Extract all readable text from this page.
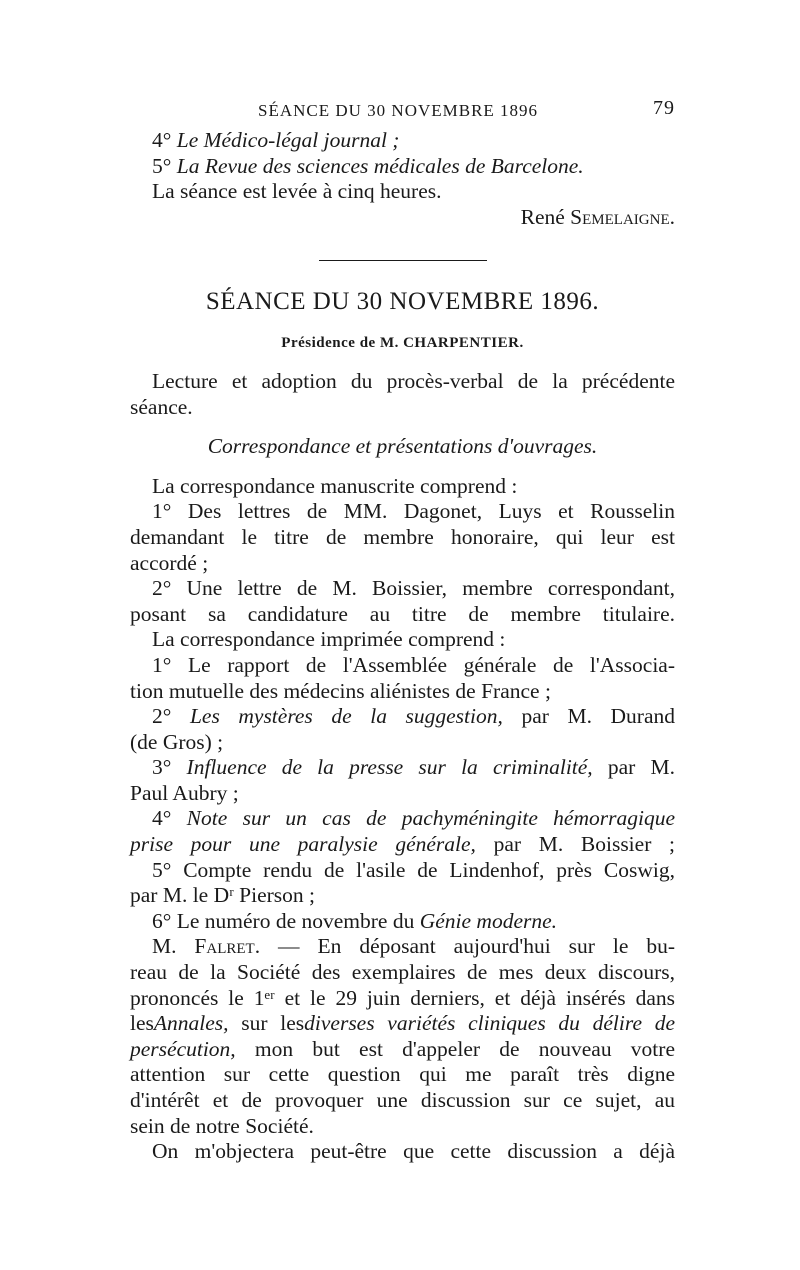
SÉANCE DU 30 NOVEMBRE 1896	79

4° Le Médico-légal journal ;

5° La Revue des sciences médicales de Barcelone.

La séance est levée à cinq heures.

René Semelaigne.

SÉANCE DU 30 NOVEMBRE 1896.
Présidence de M. CHARPENTIER.

Lecture et adoption du procès-verbal de la précédente

séance.

Correspondance et présentations d'ouvrages.

La correspondance manuscrite comprend :

1° Des lettres de MM. Dagonet, Luys et Rousselin

demandant le titre de membre honoraire, qui leur est

accordé ;

2° Une lettre de M. Boissier, membre correspondant,

posant sa candidature au titre de membre titulaire.

La correspondance imprimée comprend :

1° Le rapport de l'Assemblée générale de l'Associa-

tion mutuelle des médecins aliénistes de France ;

2° Les mystères de la suggestion, par M. Durand

(de Gros) ;

3° Influence de la presse sur la criminalité, par M.

Paul Aubry ;

4° Note sur un cas de pachyméningite hémorragique

prise pour une paralysie générale, par M. Boissier ;

5° Compte rendu de l'asile de Lindenhof, près Coswig,

par M. le Dʳ Pierson ;

6° Le numéro de novembre du Génie moderne.

M. Falret. — En déposant aujourd'hui sur le bu-

reau de la Société des exemplaires de mes deux discours,

prononcés le 1ᵉʳ et le 29 juin derniers, et déjà insérés dans

lesAnnales, sur lesdiverses variétés cliniques du délire de

persécution, mon but est d'appeler de nouveau votre

attention sur cette question qui me paraît très digne

d'intérêt et de provoquer une discussion sur ce sujet, au

sein de notre Société.

On m'objectera peut-être que cette discussion a déjà
